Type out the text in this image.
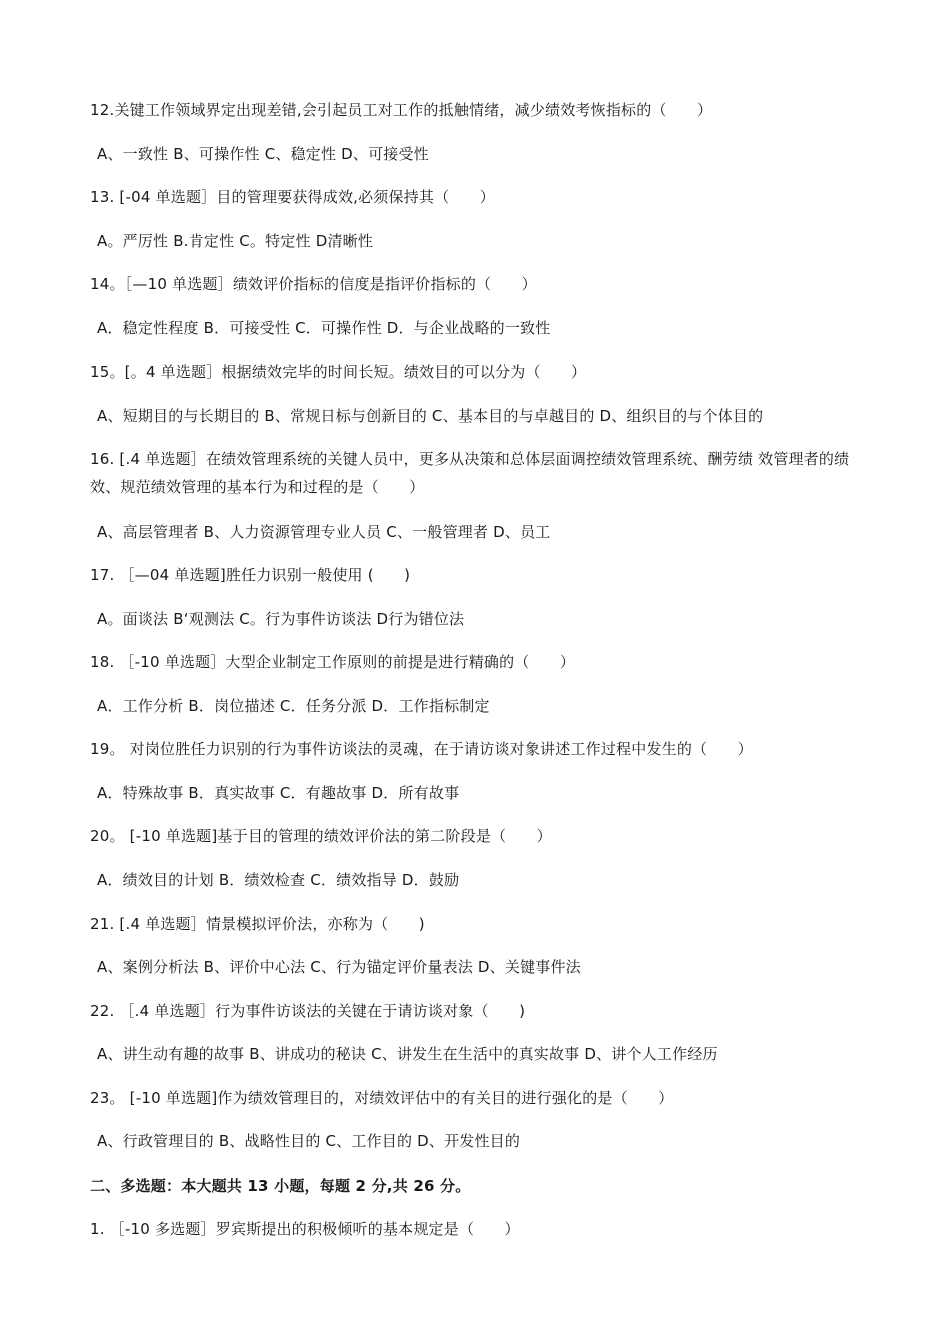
12.关键工作领域界定出现差错,会引起员工对工作的抵触情绪，减少绩效考恢指标的（　　）
A、一致性 B、可操作性 C、稳定性 D、可接受性
13. [-04 单选题］目的管理要获得成效,必须保持其（　　）
A。严厉性 B.肯定性 C。特定性 D清晰性
14。［—10 单选题］绩效评价指标的信度是指评价指标的（　　）
A．稳定性程度 B．可接受性 C．可操作性 D．与企业战略的一致性
15。[。4 单选题］根据绩效完毕的时间长短。绩效目的可以分为（　　）
A、短期目的与长期目的 B、常规日标与创新目的 C、基本目的与卓越目的 D、组织目的与个体目的
16. [.4 单选题］在绩效管理系统的关键人员中，更多从决策和总体层面调控绩效管理系统、酬劳绩 效管理者的绩效、规范绩效管理的基本行为和过程的是（　　）
A、高层管理者 B、人力资源管理专业人员 C、一般管理者 D、员工
17. ［—04 单选题]胜任力识别一般使用 (　　)
A。面谈法 B‘观测法 C。行为事件访谈法 D行为错位法
18. ［-10 单选题］大型企业制定工作原则的前提是进行精确的（　　）
A．工作分析 B．岗位描述 C．任务分派 D．工作指标制定
19。 对岗位胜任力识别的行为事件访谈法的灵魂，在于请访谈对象讲述工作过程中发生的（　　）
A．特殊故事 B．真实故事 C．有趣故事 D．所有故事
20。 [-10 单选题]基于目的管理的绩效评价法的第二阶段是（　　）
A．绩效目的计划 B．绩效检查 C．绩效指导 D．鼓励
21. [.4 单选题］情景模拟评价法，亦称为（　　)
A、案例分析法 B、评价中心法 C、行为锚定评价量表法 D、关键事件法
22. ［.4 单选题］行为事件访谈法的关键在于请访谈对象（　　)
A、讲生动有趣的故事 B、讲成功的秘诀 C、讲发生在生活中的真实故事 D、讲个人工作经历
23。 [-10 单选题]作为绩效管理目的，对绩效评估中的有关目的进行强化的是（　　）
A、行政管理目的 B、战略性目的 C、工作目的 D、开发性目的
二、多选题：本大题共 13 小题，每题 2 分,共 26 分。
1. ［-10 多选题］罗宾斯提出的积极倾听的基本规定是（　　）
